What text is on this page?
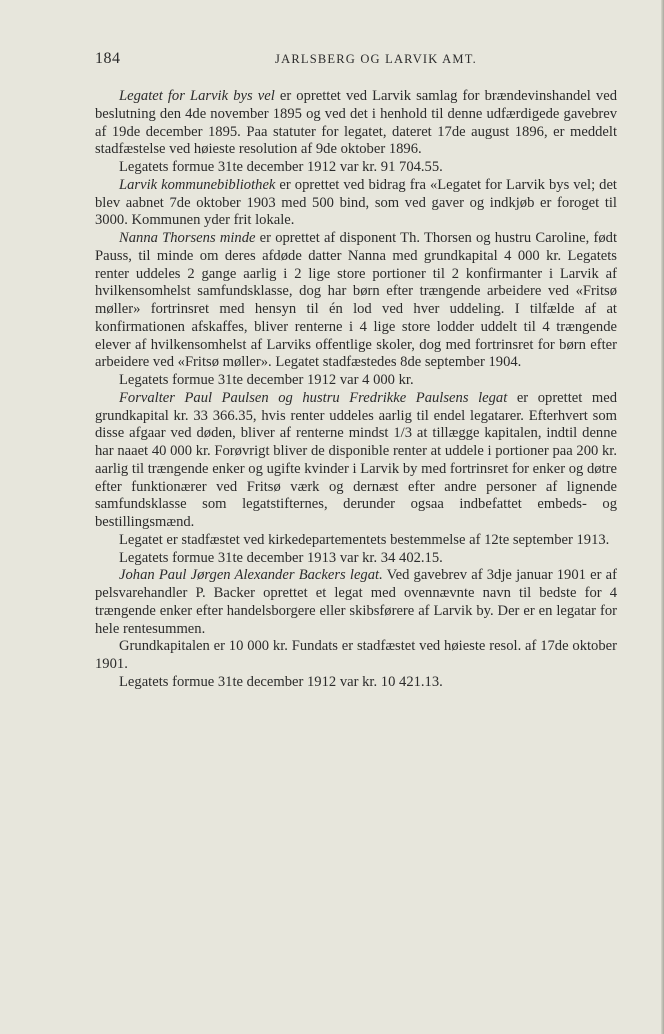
184	JARLSBERG OG LARVIK AMT.

Legatet for Larvik bys vel er oprettet ved Larvik samlag for brændevinshandel ved beslutning den 4de november 1895 og ved det i henhold til denne udfærdigede gavebrev af 19de december 1895. Paa statuter for legatet, dateret 17de august 1896, er meddelt stadfæstelse ved høieste resolution af 9de oktober 1896.

Legatets formue 31te december 1912 var kr. 91 704.55.

Larvik kommunebibliothek er oprettet ved bidrag fra «Legatet for Larvik bys vel; det blev aabnet 7de oktober 1903 med 500 bind, som ved gaver og indkjøb er foroget til 3000. Kommunen yder frit lokale.

Nanna Thorsens minde er oprettet af disponent Th. Thorsen og hustru Caroline, født Pauss, til minde om deres afdøde datter Nanna med grundkapital 4 000 kr. Legatets renter uddeles 2 gange aarlig i 2 lige store portioner til 2 konfirmanter i Larvik af hvilkensomhelst samfundsklasse, dog har børn efter trængende arbeidere ved «Fritsø møller» fortrinsret med hensyn til én lod ved hver uddeling. I tilfælde af at konfirmationen afskaffes, bliver renterne i 4 lige store lodder uddelt til 4 trængende elever af hvilkensomhelst af Larviks offentlige skoler, dog med fortrinsret for børn efter arbeidere ved «Fritsø møller». Legatet stadfæstedes 8de september 1904.

Legatets formue 31te december 1912 var 4 000 kr.

Forvalter Paul Paulsen og hustru Fredrikke Paulsens legat er oprettet med grundkapital kr. 33 366.35, hvis renter uddeles aarlig til endel legatarer. Efterhvert som disse afgaar ved døden, bliver af renterne mindst 1/3 at tillægge kapitalen, indtil denne har naaet 40 000 kr. Forøvrigt bliver de disponible renter at uddele i portioner paa 200 kr. aarlig til trængende enker og ugifte kvinder i Larvik by med fortrinsret for enker og døtre efter funktionærer ved Fritsø værk og dernæst efter andre personer af lignende samfundsklasse som legatstifternes, derunder ogsaa indbefattet embeds- og bestillingsmænd.

Legatet er stadfæstet ved kirkedepartementets bestemmelse af 12te september 1913.

Legatets formue 31te december 1913 var kr. 34 402.15.

Johan Paul Jørgen Alexander Backers legat. Ved gavebrev af 3dje januar 1901 er af pelsvarehandler P. Backer oprettet et legat med ovennævnte navn til bedste for 4 trængende enker efter handelsborgere eller skibsførere af Larvik by. Der er en legatar for hele rentesummen.

Grundkapitalen er 10 000 kr. Fundats er stadfæstet ved høieste resol. af 17de oktober 1901.

Legatets formue 31te december 1912 var kr. 10 421.13.
